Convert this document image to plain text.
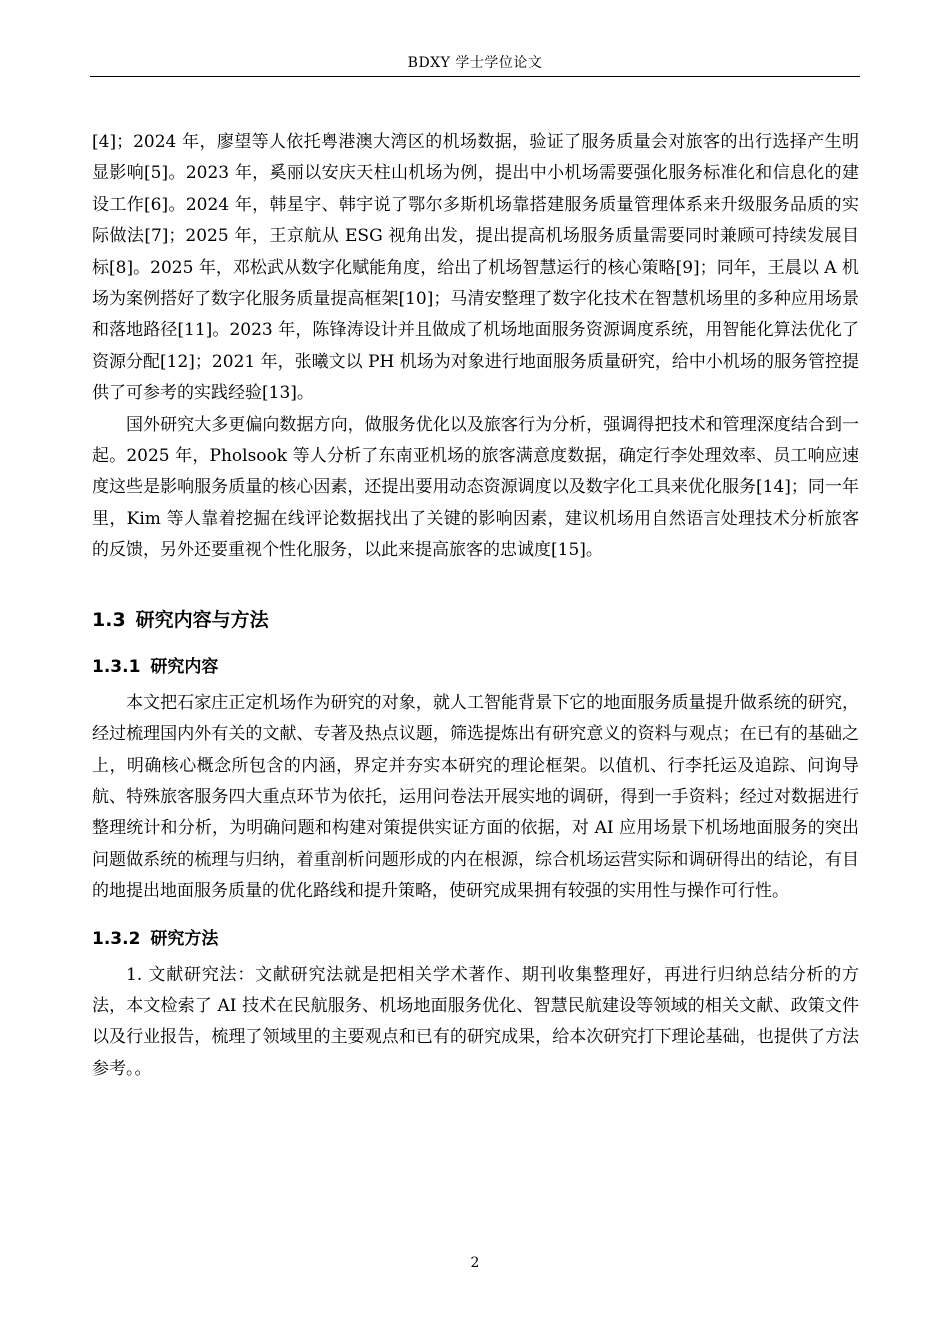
BDXY 学士学位论文

[4]；2024 年，廖望等人依托粤港澳大湾区的机场数据，验证了服务质量会对旅客的出行选择产生明显影响[5]。2023 年，奚丽以安庆天柱山机场为例，提出中小机场需要强化服务标准化和信息化的建设工作[6]。2024 年，韩星宇、韩宇说了鄂尔多斯机场靠搭建服务质量管理体系来升级服务品质的实际做法[7]；2025 年，王京航从 ESG 视角出发，提出提高机场服务质量需要同时兼顾可持续发展目标[8]。2025 年，邓松武从数字化赋能角度，给出了机场智慧运行的核心策略[9]；同年，王晨以 A 机场为案例搭好了数字化服务质量提高框架[10]；马清安整理了数字化技术在智慧机场里的多种应用场景和落地路径[11]。2023 年，陈锋涛设计并且做成了机场地面服务资源调度系统，用智能化算法优化了资源分配[12]；2021 年，张曦文以 PH 机场为对象进行地面服务质量研究，给中小机场的服务管控提供了可参考的实践经验[13]。

国外研究大多更偏向数据方向，做服务优化以及旅客行为分析，强调得把技术和管理深度结合到一起。2025 年，Pholsook 等人分析了东南亚机场的旅客满意度数据，确定行李处理效率、员工响应速度这些是影响服务质量的核心因素，还提出要用动态资源调度以及数字化工具来优化服务[14]；同一年里，Kim 等人靠着挖掘在线评论数据找出了关键的影响因素，建议机场用自然语言处理技术分析旅客的反馈，另外还要重视个性化服务，以此来提高旅客的忠诚度[15]。

1.3 研究内容与方法
1.3.1 研究内容

本文把石家庄正定机场作为研究的对象，就人工智能背景下它的地面服务质量提升做系统的研究，经过梳理国内外有关的文献、专著及热点议题，筛选提炼出有研究意义的资料与观点；在已有的基础之上，明确核心概念所包含的内涵，界定并夯实本研究的理论框架。以值机、行李托运及追踪、问询导航、特殊旅客服务四大重点环节为依托，运用问卷法开展实地的调研，得到一手资料；经过对数据进行整理统计和分析，为明确问题和构建对策提供实证方面的依据，对 AI 应用场景下机场地面服务的突出问题做系统的梳理与归纳，着重剖析问题形成的内在根源，综合机场运营实际和调研得出的结论，有目的地提出地面服务质量的优化路线和提升策略，使研究成果拥有较强的实用性与操作可行性。

1.3.2 研究方法

1. 文献研究法：文献研究法就是把相关学术著作、期刊收集整理好，再进行归纳总结分析的方法，本文检索了 AI 技术在民航服务、机场地面服务优化、智慧民航建设等领域的相关文献、政策文件以及行业报告，梳理了领域里的主要观点和已有的研究成果，给本次研究打下理论基础，也提供了方法参考。。

2
